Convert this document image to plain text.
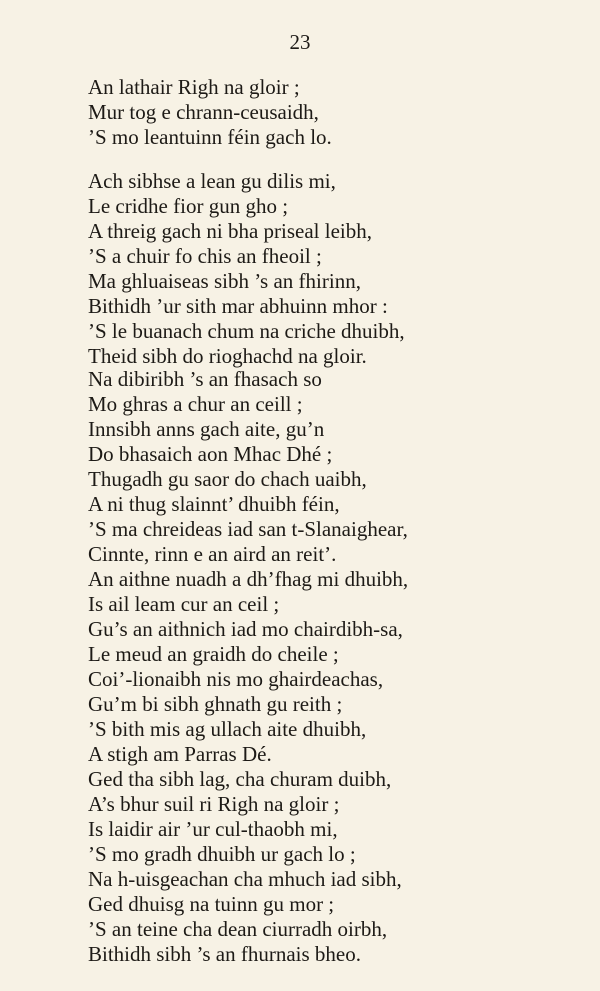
23
An lathair Righ na gloir ;
Mur tog e chrann-ceusaidh,
’S mo leantuinn féin gach lo.
Ach sibhse a lean gu dilis mi,
Le cridhe fior gun gho ;
A threig gach ni bha priseal leibh,
’S a chuir fo chis an fheoil ;
Ma ghluaiseas sibh ’s an fhirinn,
Bithidh ’ur sith mar abhuinn mhor :
’S le buanach chum na criche dhuibh,
Theid sibh do rioghachd na gloir.
Na dibiribh ’s an fhasach so
Mo ghras a chur an ceill ;
Innsibh anns gach aite, gu’n
Do bhasaich aon Mhac Dhé ;
Thugadh gu saor do chach uaibh,
A ni thug slainnt’ dhuibh féin,
’S ma chreideas iad san t-Slanaighear,
Cinnte, rinn e an aird an reit’.
An aithne nuadh a dh’fhag mi dhuibh,
Is ail leam cur an ceil ;
Gu’s an aithnich iad mo chairdibh-sa,
Le meud an graidh do cheile ;
Coi’-lionaibh nis mo ghairdeachas,
Gu’m bi sibh ghnath gu reith ;
’S bith mis ag ullach aite dhuibh,
A stigh am Parras Dé.
Ged tha sibh lag, cha churam duibh,
A’s bhur suil ri Righ na gloir ;
Is laidir air ’ur cul-thaobh mi,
’S mo gradh dhuibh ur gach lo ;
Na h-uisgeachan cha mhuch iad sibh,
Ged dhuisg na tuinn gu mor ;
’S an teine cha dean ciurradh oirbh,
Bithidh sibh ’s an fhurnais bheo.
